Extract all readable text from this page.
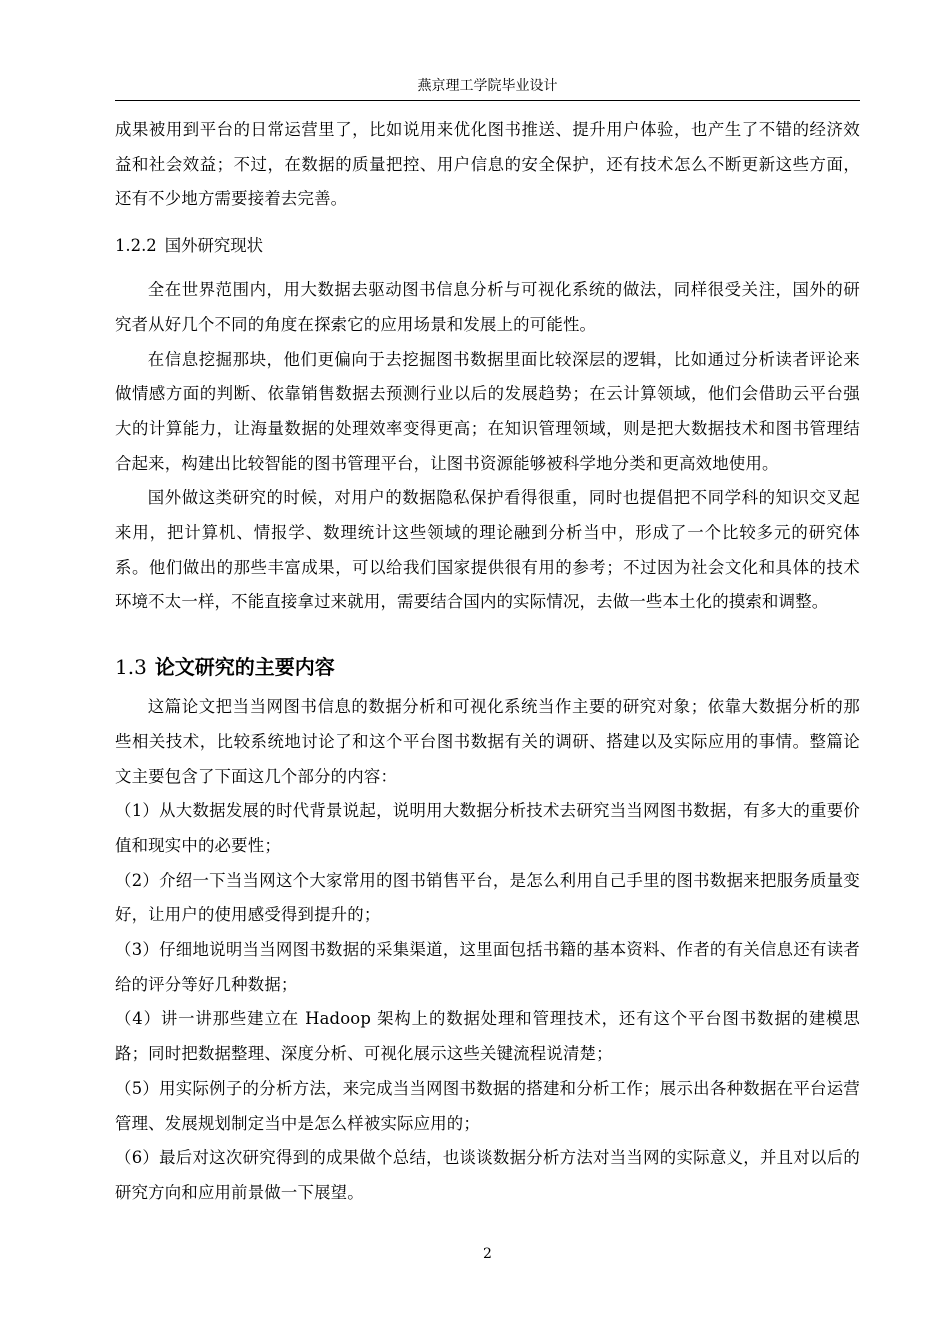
燕京理工学院毕业设计

成果被用到平台的日常运营里了，比如说用来优化图书推送、提升用户体验，也产生了不错的经济效益和社会效益；不过，在数据的质量把控、用户信息的安全保护，还有技术怎么不断更新这些方面，还有不少地方需要接着去完善。

1.2.2 国外研究现状

全在世界范围内，用大数据去驱动图书信息分析与可视化系统的做法，同样很受关注，国外的研究者从好几个不同的角度在探索它的应用场景和发展上的可能性。

在信息挖掘那块，他们更偏向于去挖掘图书数据里面比较深层的逻辑，比如通过分析读者评论来做情感方面的判断、依靠销售数据去预测行业以后的发展趋势；在云计算领域，他们会借助云平台强大的计算能力，让海量数据的处理效率变得更高；在知识管理领域，则是把大数据技术和图书管理结合起来，构建出比较智能的图书管理平台，让图书资源能够被科学地分类和更高效地使用。

国外做这类研究的时候，对用户的数据隐私保护看得很重，同时也提倡把不同学科的知识交叉起来用，把计算机、情报学、数理统计这些领域的理论融到分析当中，形成了一个比较多元的研究体系。他们做出的那些丰富成果，可以给我们国家提供很有用的参考；不过因为社会文化和具体的技术环境不太一样，不能直接拿过来就用，需要结合国内的实际情况，去做一些本土化的摸索和调整。

1.3 论文研究的主要内容

这篇论文把当当网图书信息的数据分析和可视化系统当作主要的研究对象；依靠大数据分析的那些相关技术，比较系统地讨论了和这个平台图书数据有关的调研、搭建以及实际应用的事情。整篇论文主要包含了下面这几个部分的内容：

（1）从大数据发展的时代背景说起，说明用大数据分析技术去研究当当网图书数据，有多大的重要价值和现实中的必要性；

（2）介绍一下当当网这个大家常用的图书销售平台，是怎么利用自己手里的图书数据来把服务质量变好，让用户的使用感受得到提升的；

（3）仔细地说明当当网图书数据的采集渠道，这里面包括书籍的基本资料、作者的有关信息还有读者给的评分等好几种数据；

（4）讲一讲那些建立在 Hadoop 架构上的数据处理和管理技术，还有这个平台图书数据的建模思路；同时把数据整理、深度分析、可视化展示这些关键流程说清楚；

（5）用实际例子的分析方法，来完成当当网图书数据的搭建和分析工作；展示出各种数据在平台运营管理、发展规划制定当中是怎么样被实际应用的；

（6）最后对这次研究得到的成果做个总结，也谈谈数据分析方法对当当网的实际意义，并且对以后的研究方向和应用前景做一下展望。

2
